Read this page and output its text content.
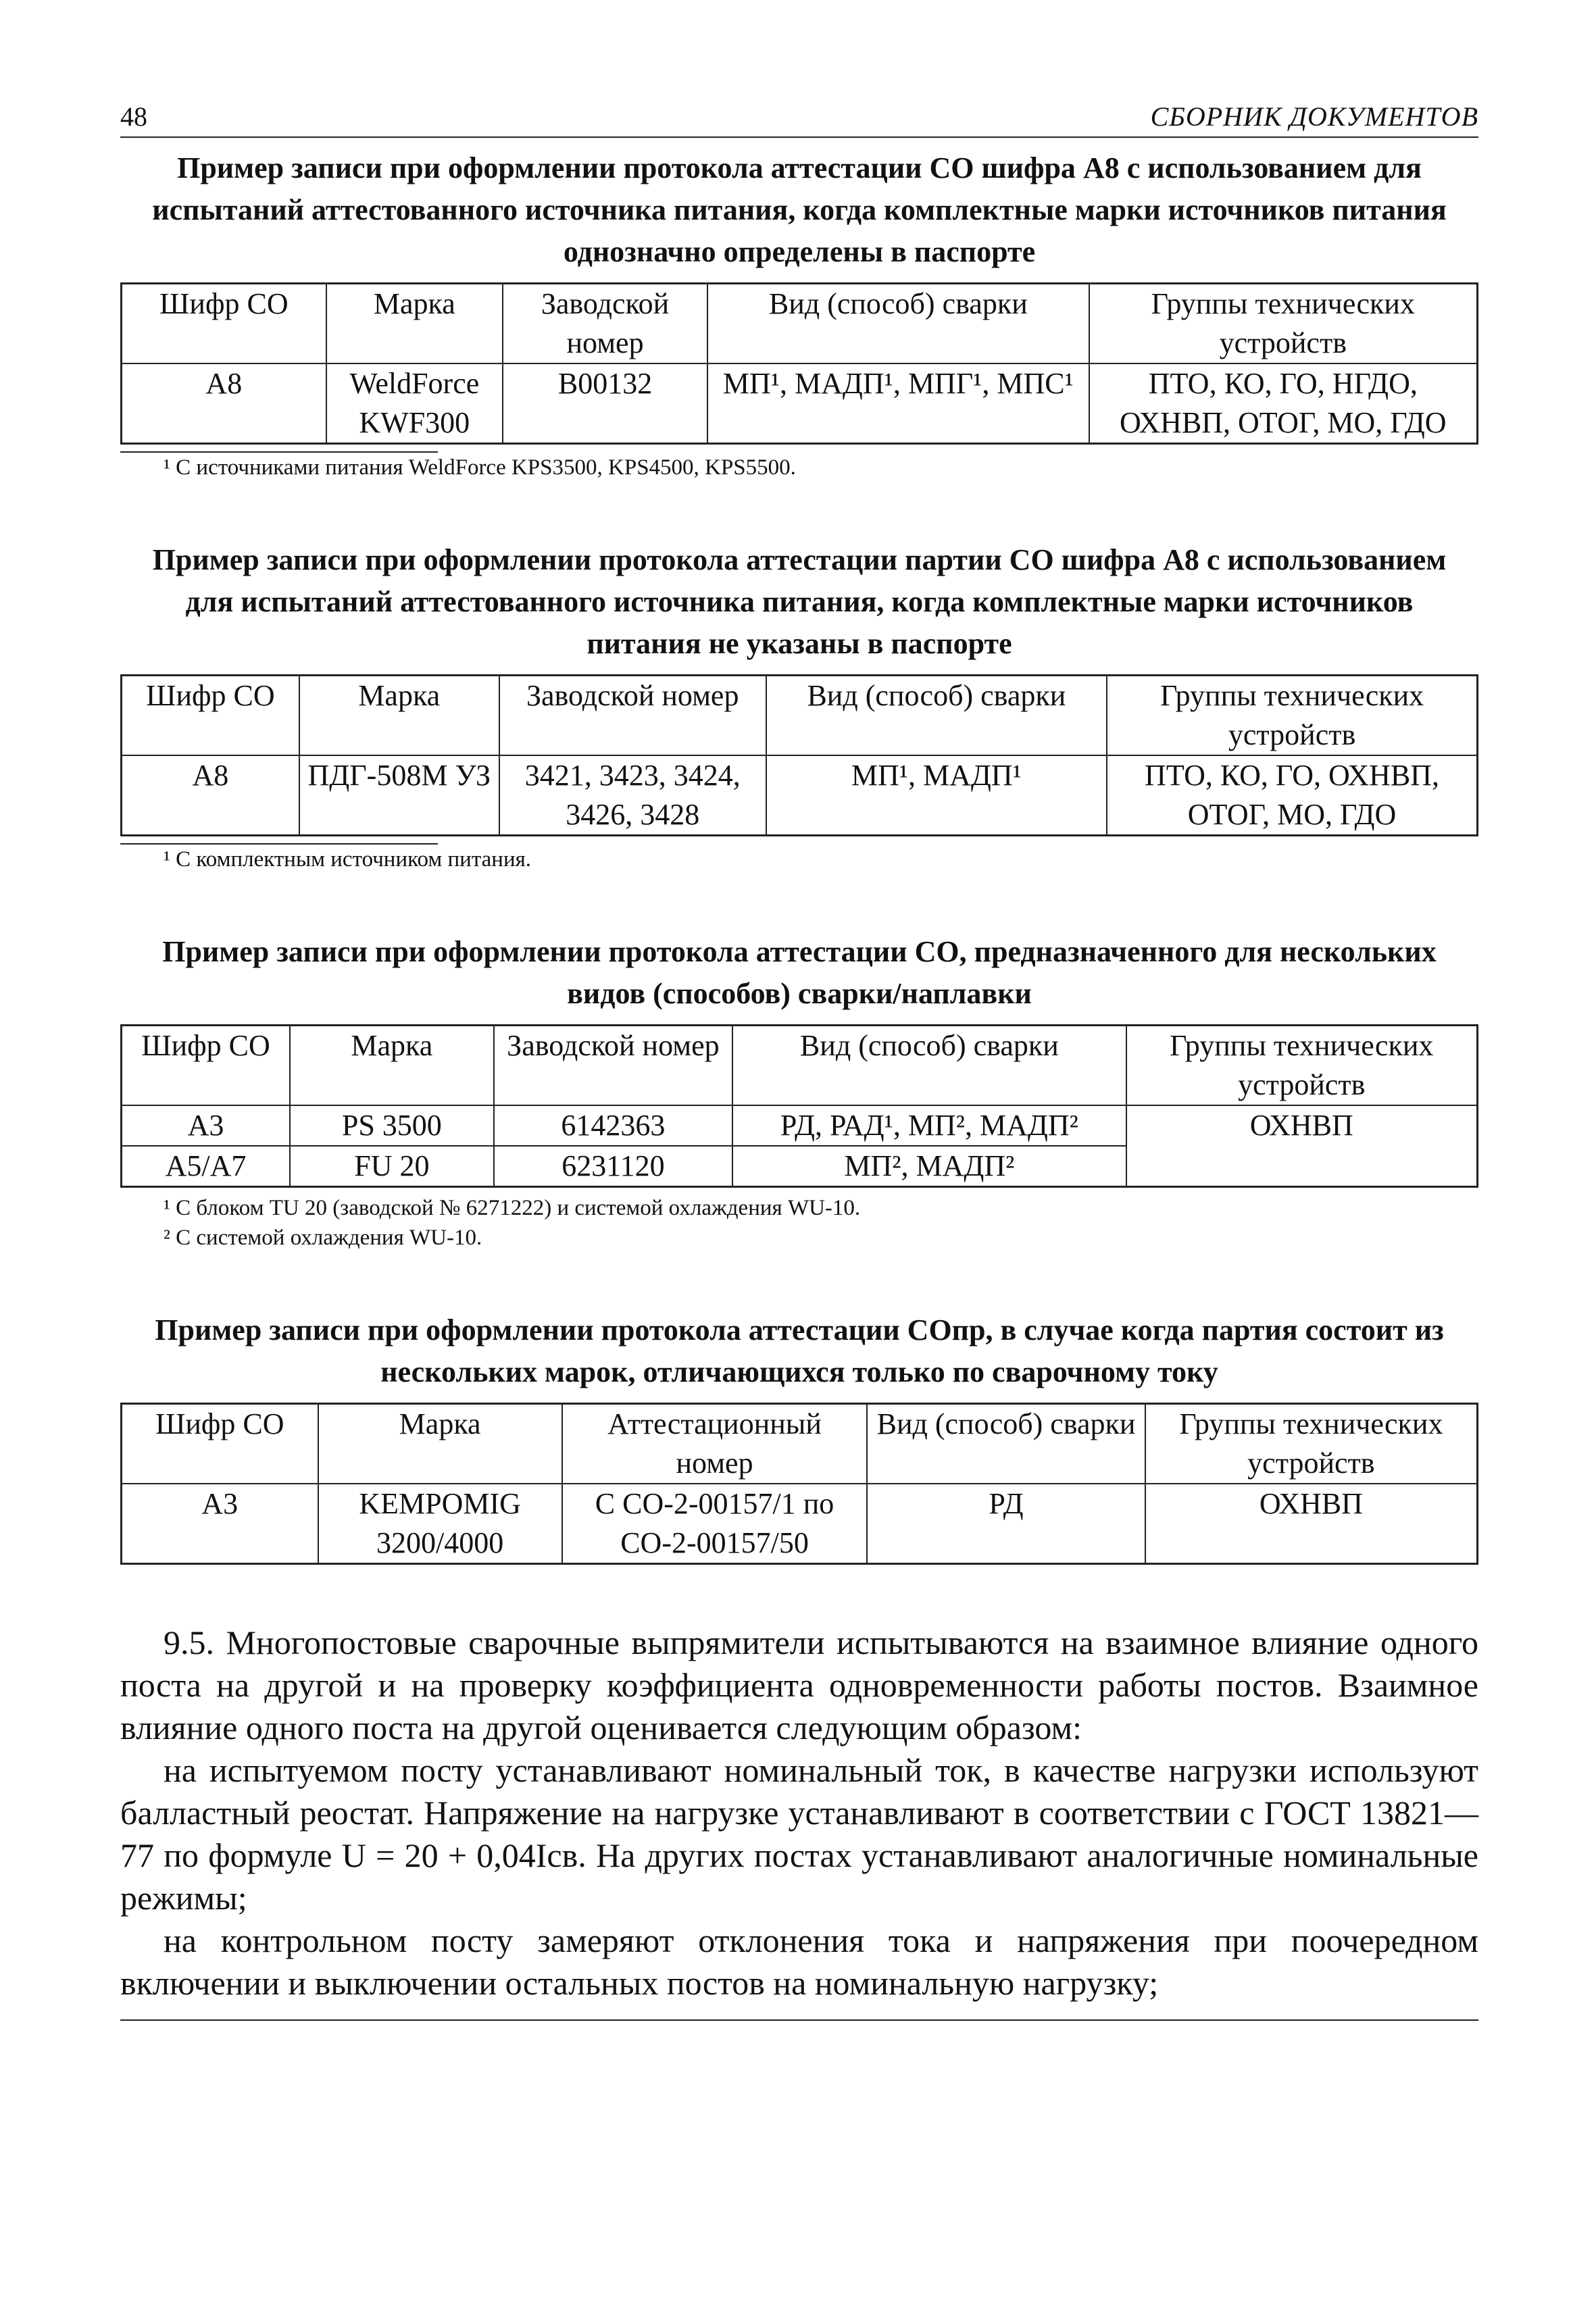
48	СБОРНИК ДОКУМЕНТОВ
Пример записи при оформлении протокола аттестации СО шифра А8 с использованием для испытаний аттестованного источника питания, когда комплектные марки источников питания однозначно определены в паспорте
Шифр СО	Марка	Заводской номер	Вид (способ) сварки	Группы технических устройств
А8	WeldForce KWF300	В00132	МП¹, МАДП¹, МПГ¹, МПС¹	ПТО, КО, ГО, НГДО, ОХНВП, ОТОГ, МО, ГДО
¹ С источниками питания WeldForce KPS3500, KPS4500, KPS5500.
Пример записи при оформлении протокола аттестации партии СО шифра А8 с использованием для испытаний аттестованного источника питания, когда комплектные марки источников питания не указаны в паспорте
Шифр СО	Марка	Заводской номер	Вид (способ) сварки	Группы технических устройств
А8	ПДГ-508М УЗ	3421, 3423, 3424, 3426, 3428	МП¹, МАДП¹	ПТО, КО, ГО, ОХНВП, ОТОГ, МО, ГДО
¹ С комплектным источником питания.
Пример записи при оформлении протокола аттестации СО, предназначенного для нескольких видов (способов) сварки/наплавки
Шифр СО	Марка	Заводской номер	Вид (способ) сварки	Группы технических устройств
А3	PS 3500	6142363	РД, РАД¹, МП², МАДП²	ОХНВП
А5/А7	FU 20	6231120	МП², МАДП²	
¹ С блоком TU 20 (заводской № 6271222) и системой охлаждения WU-10.
² С системой охлаждения WU-10.
Пример записи при оформлении протокола аттестации СОпр, в случае когда партия состоит из нескольких марок, отличающихся только по сварочному току
Шифр СО	Марка	Аттестационный номер	Вид (способ) сварки	Группы технических устройств
А3	KEMPOMIG 3200/4000	С СО-2-00157/1 по СО-2-00157/50	РД	ОХНВП

9.5. Многопостовые сварочные выпрямители испытываются на взаимное влияние одного поста на другой и на проверку коэффициента одновременности работы постов. Взаимное влияние одного поста на другой оценивается следующим образом:

на испытуемом посту устанавливают номинальный ток, в качестве нагрузки используют балластный реостат. Напряжение на нагрузке устанавливают в соответствии с ГОСТ 13821—77 по формуле U = 20 + 0,04Iсв. На других постах устанавливают аналогичные номинальные режимы;

на контрольном посту замеряют отклонения тока и напряжения при поочередном включении и выключении остальных постов на номинальную нагрузку;
